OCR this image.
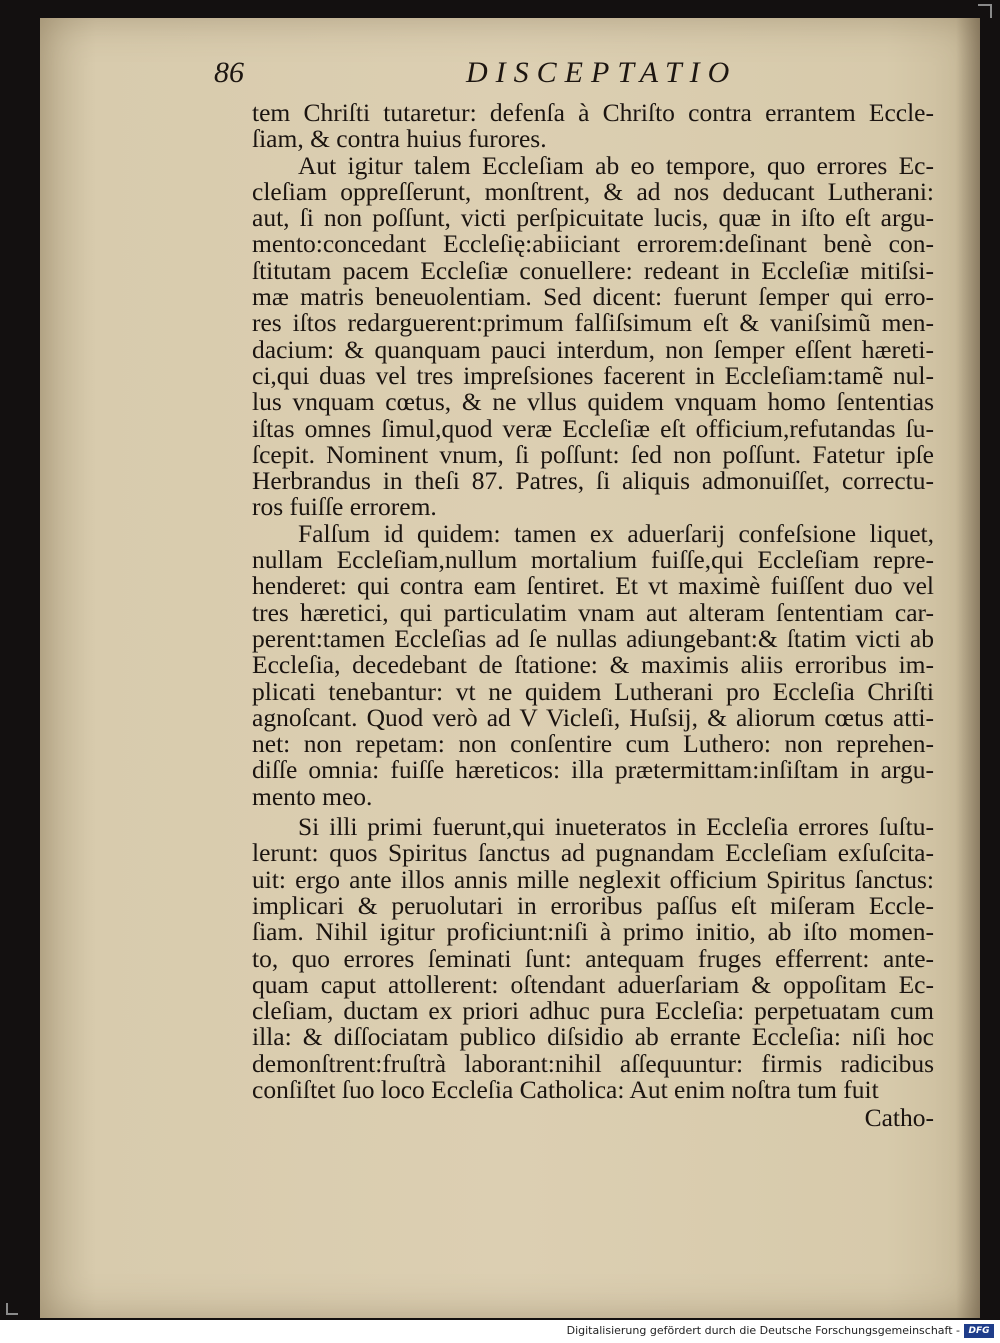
86	DISCEPTATIO
tem Chriſti tutaretur: defenſa à Chriſto contra errantem Eccle-
ſiam, & contra huius furores.
Aut igitur talem Eccleſiam ab eo tempore, quo errores Ec-
cleſiam oppreſſerunt, monſtrent, & ad nos deducant Lutherani:
aut, ſi non poſſunt, victi perſpicuitate lucis, quæ in iſto eſt argu-
mento:concedant Eccleſię:abiiciant errorem:deſinant benè con-
ſtitutam pacem Eccleſiæ conuellere: redeant in Eccleſiæ mitiſsi-
mæ matris beneuolentiam. Sed dicent: fuerunt ſemper qui erro-
res iſtos redarguerent:primum falſiſsimum eſt & vaniſsimũ men-
dacium: & quanquam pauci interdum, non ſemper eſſent hæreti-
ci,qui duas vel tres impreſsiones facerent in Eccleſiam:tamẽ nul-
lus vnquam cœtus, & ne vllus quidem vnquam homo ſententias
iſtas omnes ſimul,quod veræ Eccleſiæ eſt officium,refutandas ſu-
ſcepit. Nominent vnum, ſi poſſunt: ſed non poſſunt. Fatetur ipſe
Herbrandus in theſi 87. Patres, ſi aliquis admonuiſſet, correctu-
ros fuiſſe errorem.
Falſum id quidem: tamen ex aduerſarij confeſsione liquet,
nullam Eccleſiam,nullum mortalium fuiſſe,qui Eccleſiam repre-
henderet: qui contra eam ſentiret. Et vt maximè fuiſſent duo vel
tres hæretici, qui particulatim vnam aut alteram ſententiam car-
perent:tamen Eccleſias ad ſe nullas adiungebant:& ſtatim victi ab
Eccleſia, decedebant de ſtatione: & maximis aliis erroribus im-
plicati tenebantur: vt ne quidem Lutherani pro Eccleſia Chriſti
agnoſcant. Quod verò ad V Vicleſi, Huſsij, & aliorum cœtus atti-
net: non repetam: non conſentire cum Luthero: non reprehen-
diſſe omnia: fuiſſe hæreticos: illa prætermittam:inſiſtam in argu-
mento meo.
Si illi primi fuerunt,qui inueteratos in Eccleſia errores ſuſtu-
lerunt: quos Spiritus ſanctus ad pugnandam Eccleſiam exſuſcita-
uit: ergo ante illos annis mille neglexit officium Spiritus ſanctus:
implicari & peruolutari in erroribus paſſus eſt miſeram Eccle-
ſiam. Nihil igitur proficiunt:niſi à primo initio, ab iſto momen-
to, quo errores ſeminati ſunt: antequam fruges efferrent: ante-
quam caput attollerent: oſtendant aduerſariam & oppoſitam Ec-
cleſiam, ductam ex priori adhuc pura Eccleſia: perpetuatam cum
illa: & diſſociatam publico diſsidio ab errante Eccleſia: niſi hoc
demonſtrent:fruſtrà laborant:nihil aſſequuntur: firmis radicibus
conſiſtet ſuo loco Eccleſia Catholica: Aut enim noſtra tum fuit
Catho-
Digitalisierung gefördert durch die Deutsche Forschungsgemeinschaft - DFG
